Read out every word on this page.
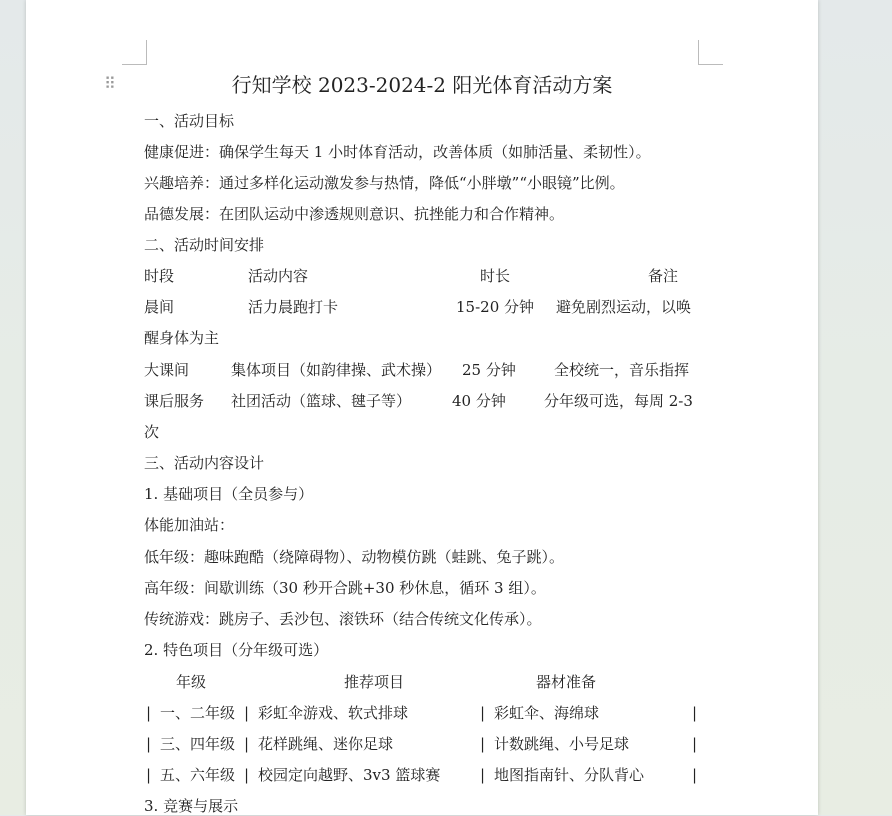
⠿	行知学校 2023-2024-2 阳光体育活动方案
一、活动目标
健康促进：确保学生每天 1 小时体育活动，改善体质（如肺活量、柔韧性）。
兴趣培养：通过多样化运动激发参与热情，降低“小胖墩”“小眼镜”比例。
品德发展：在团队运动中渗透规则意识、抗挫能力和合作精神。
二、活动时间安排
时段	活动内容	时长	备注
晨间	活力晨跑打卡	15-20 分钟 避免剧烈运动，以唤
醒身体为主
大课间	集体项目（如韵律操、武术操） 25 分钟	全校统一，音乐指挥
课后服务 社团活动（篮球、毽子等）	40 分钟	分年级可选，每周 2-3
次
三、活动内容设计
1. 基础项目（全员参与）
体能加油站：
低年级：趣味跑酷（绕障碍物）、动物模仿跳（蛙跳、兔子跳）。
高年级：间歇训练（30 秒开合跳+30 秒休息，循环 3 组）。
传统游戏：跳房子、丢沙包、滚铁环（结合传统文化传承）。
2. 特色项目（分年级可选）
年级	推荐项目	器材准备
| 一、二年级 | 彩虹伞游戏、软式排球	| 彩虹伞、海绵球	|
| 三、四年级 | 花样跳绳、迷你足球	| 计数跳绳、小号足球	|
| 五、六年级 | 校园定向越野、3v3 篮球赛	| 地图指南针、分队背心	|
3. 竞赛与展示
